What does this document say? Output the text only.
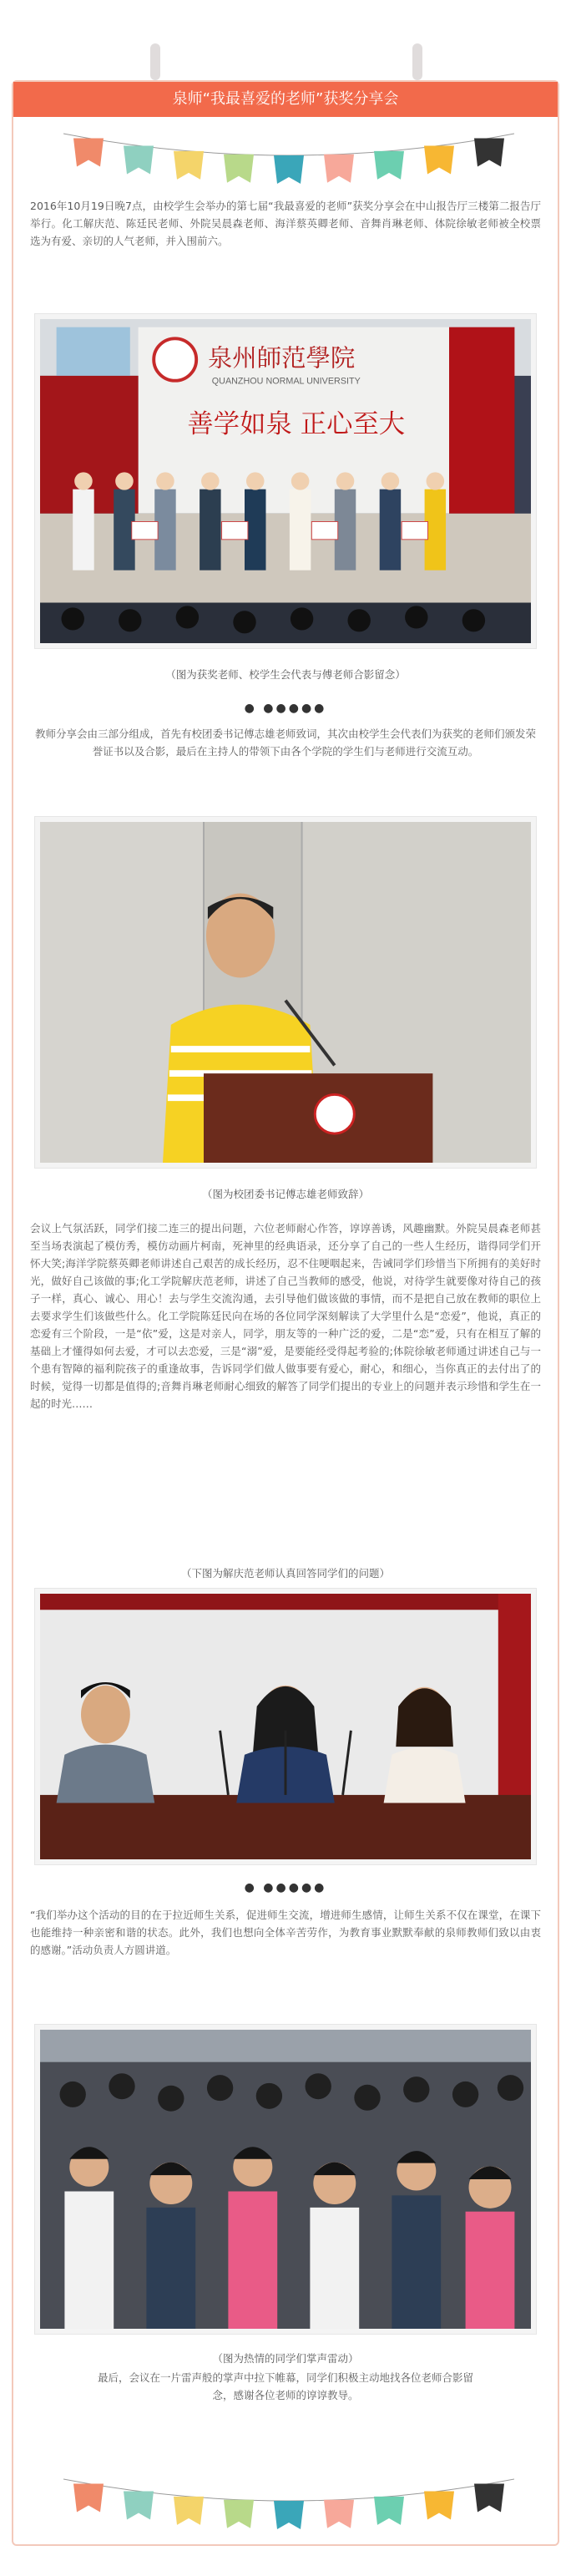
泉师“我最喜爱的老师”获奖分享会
2016年10月19日晚7点，由校学生会举办的第七届“我最喜爱的老师”获奖分享会在中山报告厅三楼第二报告厅举行。化工解庆范、陈廷民老师、外院吴晨森老师、海洋蔡英卿老师、音舞肖琳老师、体院徐敏老师被全校票选为有爱、亲切的人气老师，并入围前六。
泉州師范學院
QUANZHOU NORMAL UNIVERSITY
善学如泉 正心至大
（图为获奖老师、校学生会代表与傅老师合影留念）
● ●●●●●
教师分享会由三部分组成，首先有校团委书记傅志雄老师致词，其次由校学生会代表们为获奖的老师们颁发荣誉证书以及合影，最后在主持人的带领下由各个学院的学生们与老师进行交流互动。
（图为校团委书记傅志雄老师致辞）
会议上气氛活跃，同学们接二连三的提出问题，六位老师耐心作答，谆谆善诱，风趣幽默。外院吴晨森老师甚至当场表演起了模仿秀，模仿动画片柯南，死神里的经典语录，还分享了自己的一些人生经历，谐得同学们开怀大笑;海洋学院蔡英卿老师讲述自己艰苦的成长经历，忍不住哽咽起来，告诫同学们珍惜当下所拥有的美好时光，做好自己该做的事;化工学院解庆范老师，讲述了自己当教师的感受，他说，对待学生就要像对待自己的孩子一样，真心、诚心、用心！去与学生交流沟通，去引导他们做该做的事情，而不是把自己放在教师的职位上去要求学生们该做些什么。化工学院陈廷民向在场的各位同学深刻解读了大学里什么是“恋爱”，他说，真正的恋爱有三个阶段，一是“依”爱，这是对亲人，同学，朋友等的一种广泛的爱，二是“恋”爱，只有在相互了解的基础上才懂得如何去爱，才可以去恋爱，三是“溺”爱，是要能经受得起考验的;体院徐敏老师通过讲述自己与一个患有智障的福利院孩子的重逢故事，告诉同学们做人做事要有爱心，耐心，和细心，当你真正的去付出了的时候，觉得一切都是值得的;音舞肖琳老师耐心细致的解答了同学们提出的专业上的问题并表示珍惜和学生在一起的时光……
（下图为解庆范老师认真回答同学们的问题）
● ●●●●●
“我们举办这个活动的目的在于拉近师生关系，促进师生交流，增进师生感情，让师生关系不仅在课堂，在课下也能维持一种亲密和谐的状态。此外，我们也想向全体辛苦劳作，为教育事业默默奉献的泉师教师们致以由衷的感谢。”活动负责人方圆讲道。
（图为热情的同学们掌声雷动）
最后，会议在一片雷声般的掌声中拉下帷幕，同学们积极主动地找各位老师合影留念，感谢各位老师的谆谆教导。
